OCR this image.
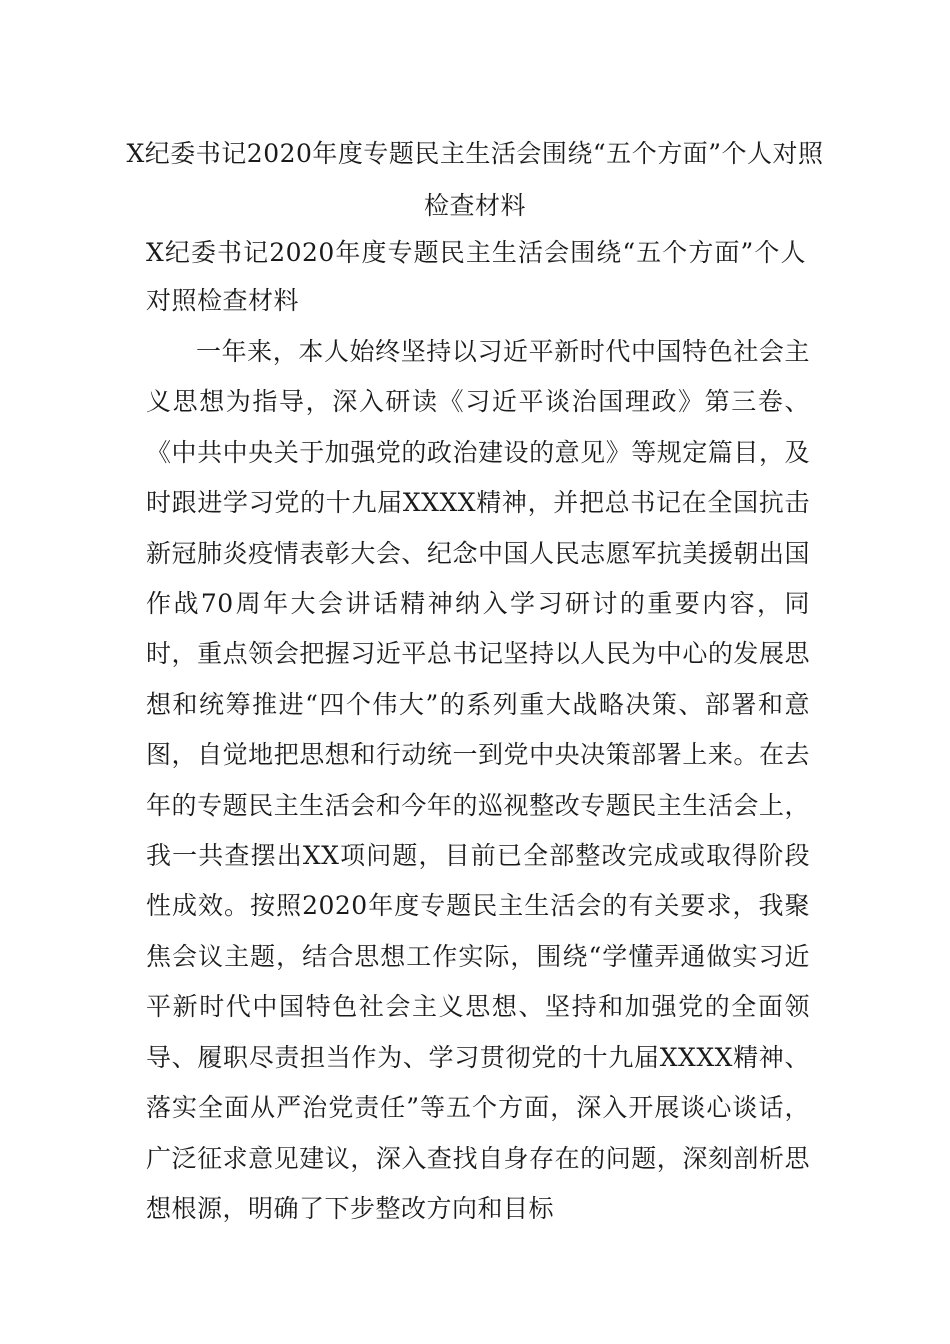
X纪委书记2020年度专题民主生活会围绕“五个方面”个人对照检查材料

X纪委书记2020年度专题民主生活会围绕“五个方面”个人对照检查材料

一年来，本人始终坚持以习近平新时代中国特色社会主义思想为指导，深入研读《习近平谈治国理政》第三卷、《中共中央关于加强党的政治建设的意见》等规定篇目，及时跟进学习党的十九届XXXX精神，并把总书记在全国抗击新冠肺炎疫情表彰大会、纪念中国人民志愿军抗美援朝出国作战70周年大会讲话精神纳入学习研讨的重要内容，同时，重点领会把握习近平总书记坚持以人民为中心的发展思想和统筹推进“四个伟大”的系列重大战略决策、部署和意图，自觉地把思想和行动统一到党中央决策部署上来。在去年的专题民主生活会和今年的巡视整改专题民主生活会上，我一共查摆出XX项问题，目前已全部整改完成或取得阶段性成效。按照2020年度专题民主生活会的有关要求，我聚焦会议主题，结合思想工作实际，围绕“学懂弄通做实习近平新时代中国特色社会主义思想、坚持和加强党的全面领导、履职尽责担当作为、学习贯彻党的十九届XXXX精神、落实全面从严治党责任”等五个方面，深入开展谈心谈话，广泛征求意见建议，深入查找自身存在的问题，深刻剖析思想根源，明确了下步整改方向和目标
